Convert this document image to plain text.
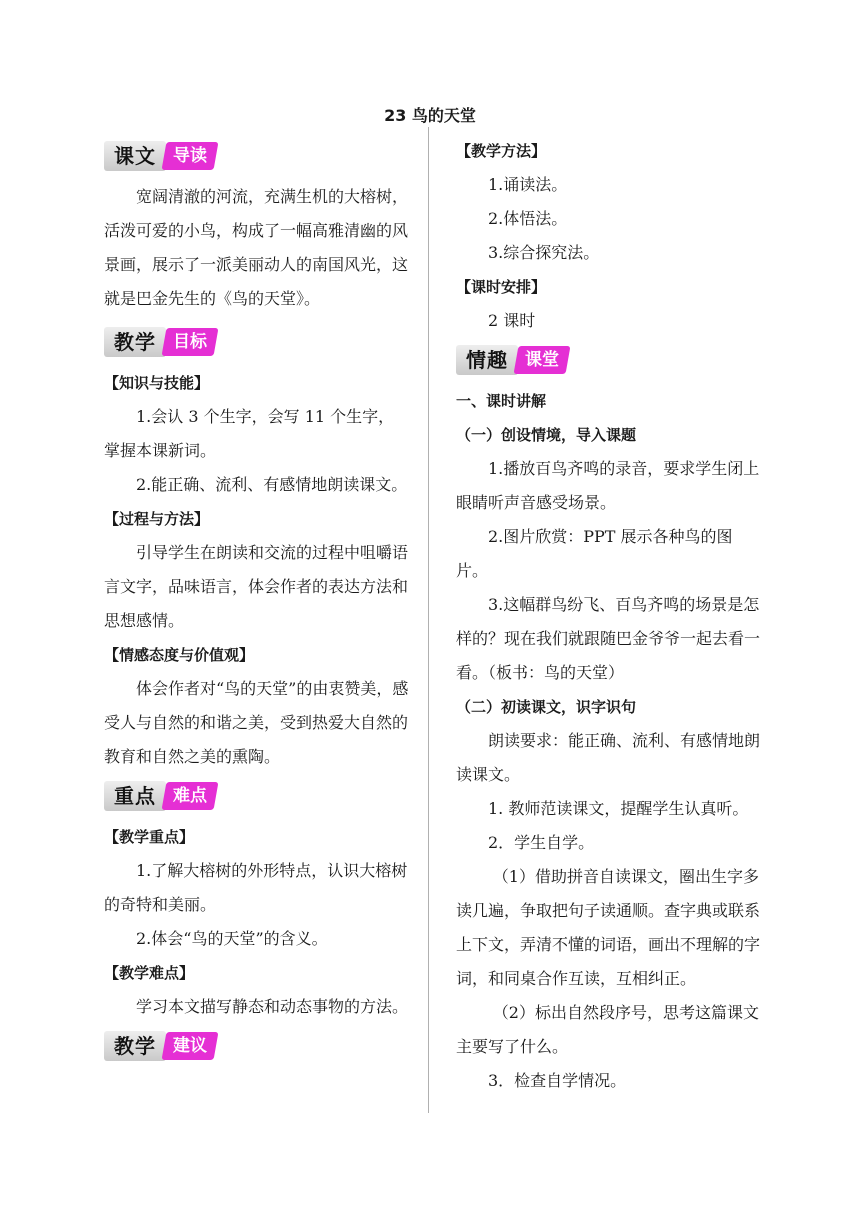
23 鸟的天堂
课文	导读

宽阔清澈的河流，充满生机的大榕树，活泼可爱的小鸟，构成了一幅高雅清幽的风景画，展示了一派美丽动人的南国风光，这就是巴金先生的《鸟的天堂》。

教学	目标

【知识与技能】

1.会认 3 个生字，会写 11 个生字，掌握本课新词。

2.能正确、流利、有感情地朗读课文。

【过程与方法】

引导学生在朗读和交流的过程中咀嚼语言文字，品味语言，体会作者的表达方法和思想感情。

【情感态度与价值观】

体会作者对“鸟的天堂”的由衷赞美，感受人与自然的和谐之美，受到热爱大自然的教育和自然之美的熏陶。

重点	难点

【教学重点】

1.了解大榕树的外形特点，认识大榕树的奇特和美丽。

2.体会“鸟的天堂”的含义。

【教学难点】

学习本文描写静态和动态事物的方法。

教学	建议

【教学方法】

1.诵读法。

2.体悟法。

3.综合探究法。

【课时安排】

2 课时

情趣	课堂

一、课时讲解

（一）创设情境，导入课题

1.播放百鸟齐鸣的录音，要求学生闭上眼睛听声音感受场景。

2.图片欣赏：PPT 展示各种鸟的图片。

3.这幅群鸟纷飞、百鸟齐鸣的场景是怎样的？现在我们就跟随巴金爷爷一起去看一看。（板书：鸟的天堂）

（二）初读课文，识字识句

朗读要求：能正确、流利、有感情地朗读课文。

1. 教师范读课文，提醒学生认真听。

2．学生自学。

（1）借助拼音自读课文，圈出生字多读几遍，争取把句子读通顺。查字典或联系上下文，弄清不懂的词语，画出不理解的字词，和同桌合作互读，互相纠正。

（2）标出自然段序号，思考这篇课文主要写了什么。

3．检查自学情况。
